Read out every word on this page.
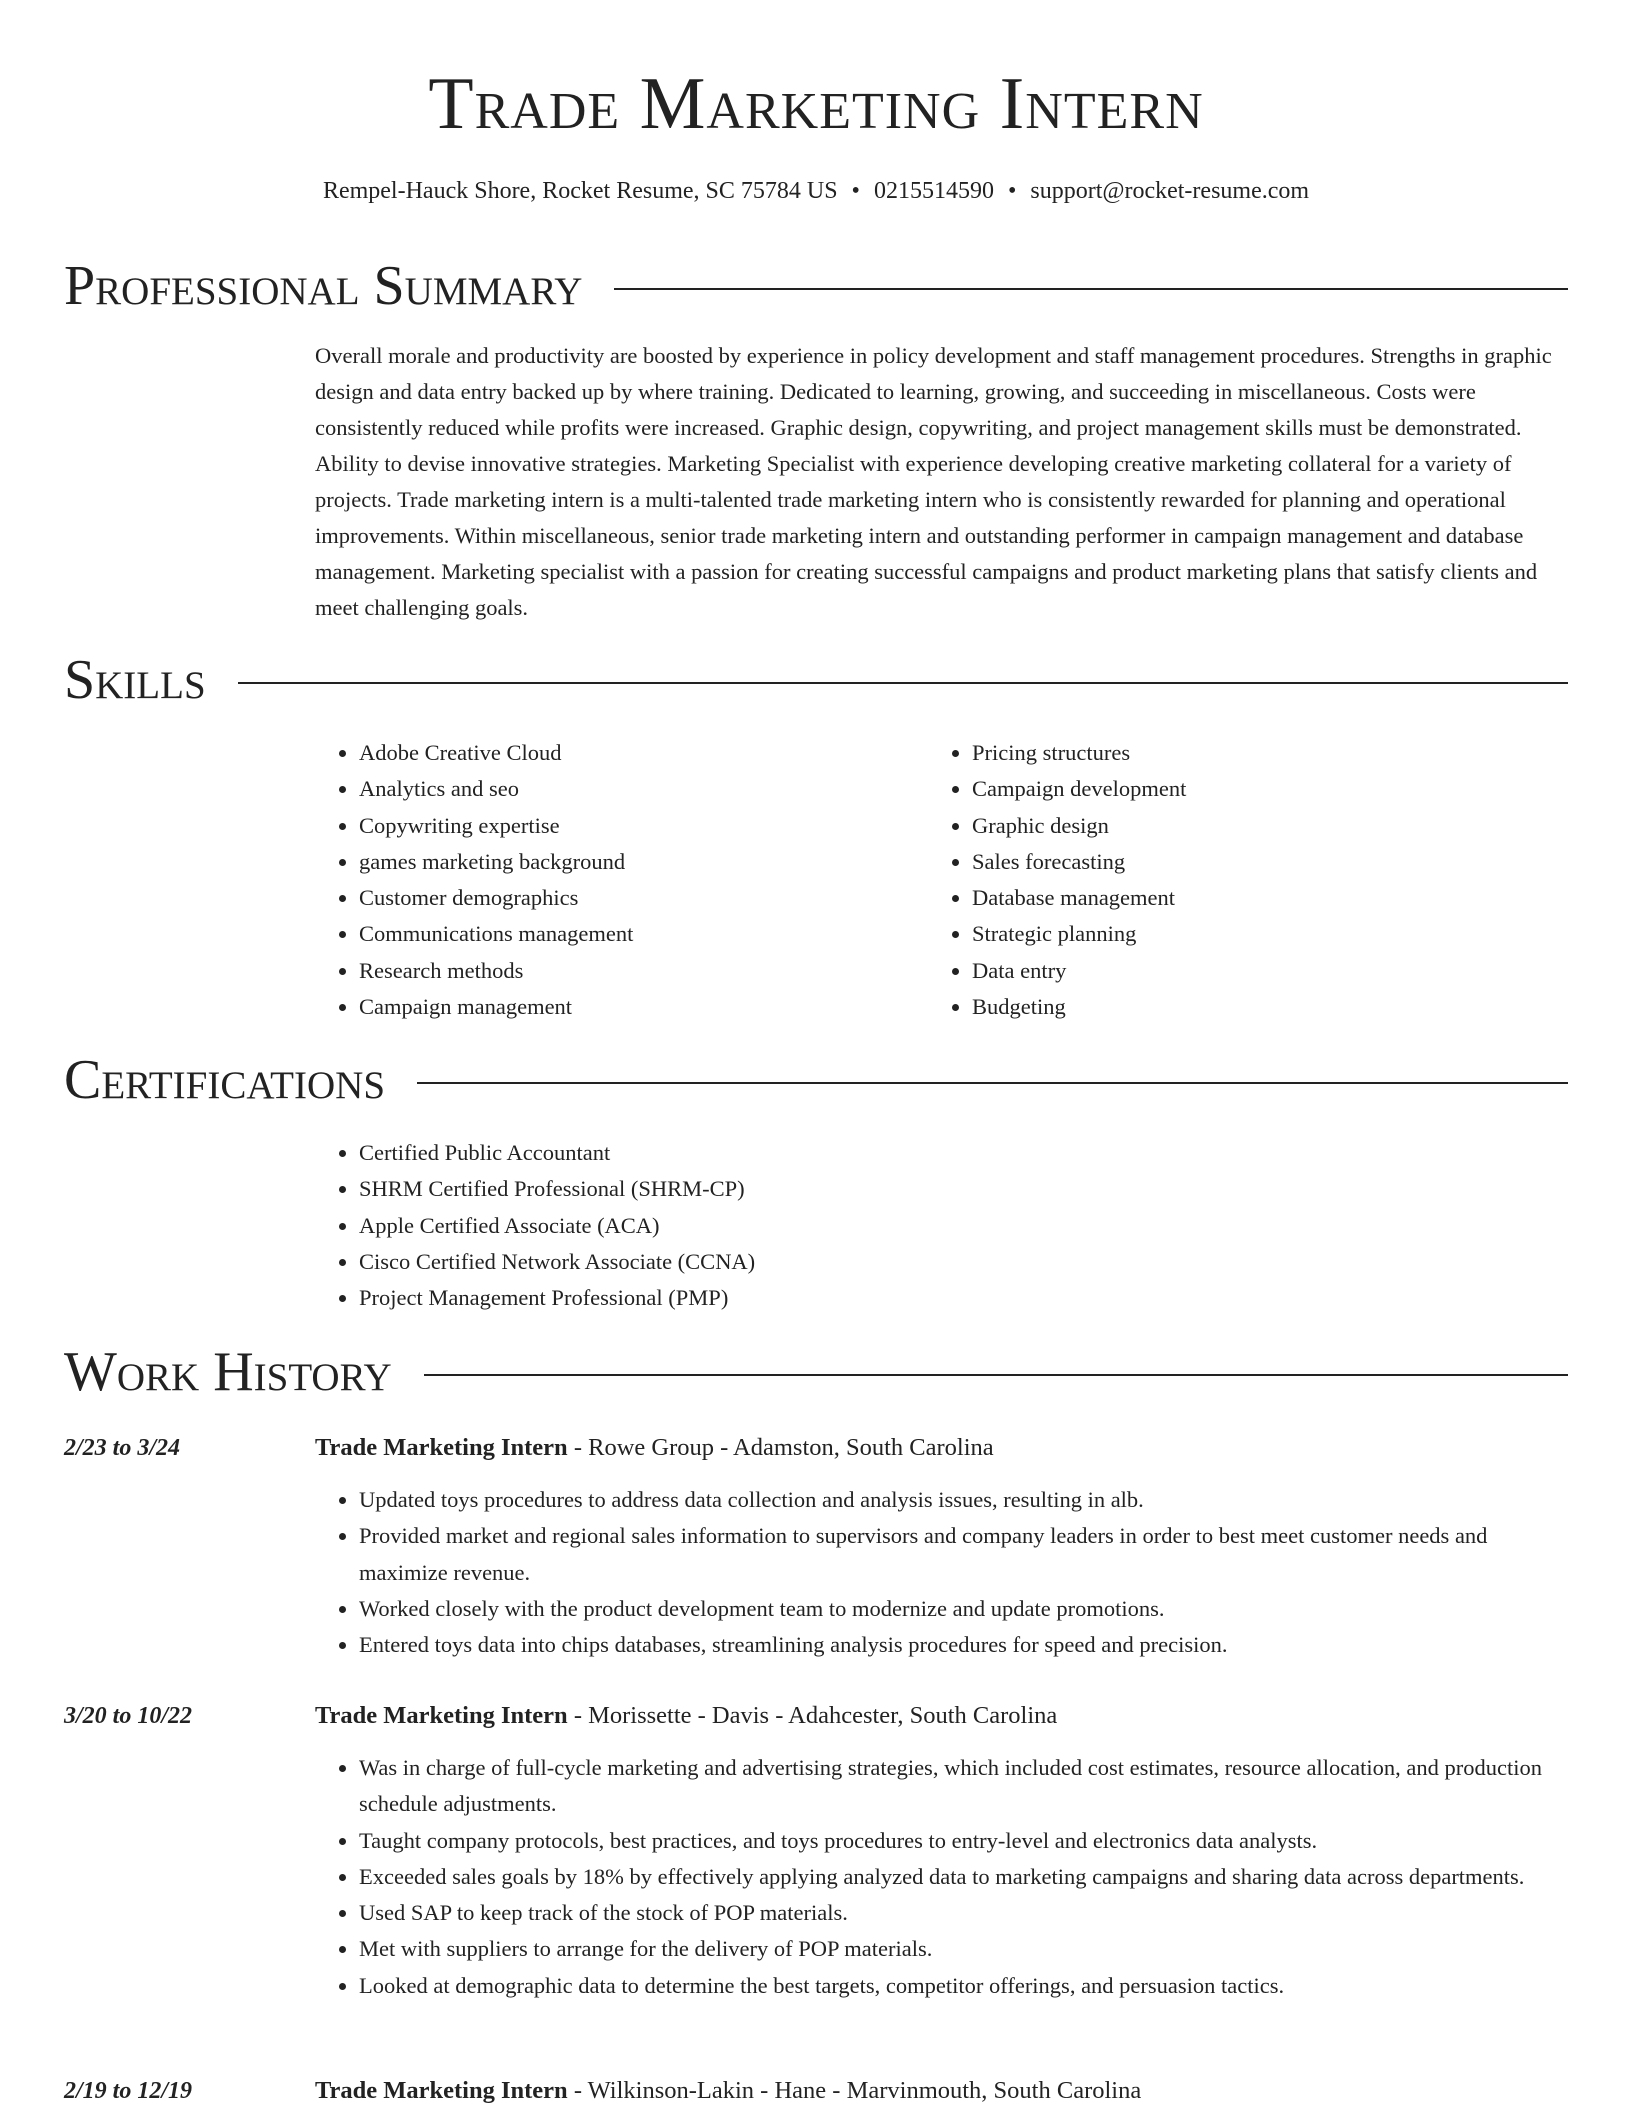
Trade Marketing Intern
Rempel-Hauck Shore, Rocket Resume, SC 75784 US • 0215514590 • support@rocket-resume.com
Professional Summary
Overall morale and productivity are boosted by experience in policy development and staff management procedures. Strengths in graphic design and data entry backed up by where training. Dedicated to learning, growing, and succeeding in miscellaneous. Costs were consistently reduced while profits were increased. Graphic design, copywriting, and project management skills must be demonstrated. Ability to devise innovative strategies. Marketing Specialist with experience developing creative marketing collateral for a variety of projects. Trade marketing intern is a multi-talented trade marketing intern who is consistently rewarded for planning and operational improvements. Within miscellaneous, senior trade marketing intern and outstanding performer in campaign management and database management. Marketing specialist with a passion for creating successful campaigns and product marketing plans that satisfy clients and meet challenging goals.
Skills
• Adobe Creative Cloud
• Analytics and seo
• Copywriting expertise
• games marketing background
• Customer demographics
• Communications management
• Research methods
• Campaign management
• Pricing structures
• Campaign development
• Graphic design
• Sales forecasting
• Database management
• Strategic planning
• Data entry
• Budgeting
Certifications
• Certified Public Accountant
• SHRM Certified Professional (SHRM-CP)
• Apple Certified Associate (ACA)
• Cisco Certified Network Associate (CCNA)
• Project Management Professional (PMP)
Work History
2/23 to 3/24	Trade Marketing Intern - Rowe Group - Adamston, South Carolina
• Updated toys procedures to address data collection and analysis issues, resulting in alb.
• Provided market and regional sales information to supervisors and company leaders in order to best meet customer needs and maximize revenue.
• Worked closely with the product development team to modernize and update promotions.
• Entered toys data into chips databases, streamlining analysis procedures for speed and precision.
3/20 to 10/22	Trade Marketing Intern - Morissette - Davis - Adahcester, South Carolina
• Was in charge of full-cycle marketing and advertising strategies, which included cost estimates, resource allocation, and production schedule adjustments.
• Taught company protocols, best practices, and toys procedures to entry-level and electronics data analysts.
• Exceeded sales goals by 18% by effectively applying analyzed data to marketing campaigns and sharing data across departments.
• Used SAP to keep track of the stock of POP materials.
• Met with suppliers to arrange for the delivery of POP materials.
• Looked at demographic data to determine the best targets, competitor offerings, and persuasion tactics.
2/19 to 12/19	Trade Marketing Intern - Wilkinson-Lakin - Hane - Marvinmouth, South Carolina
